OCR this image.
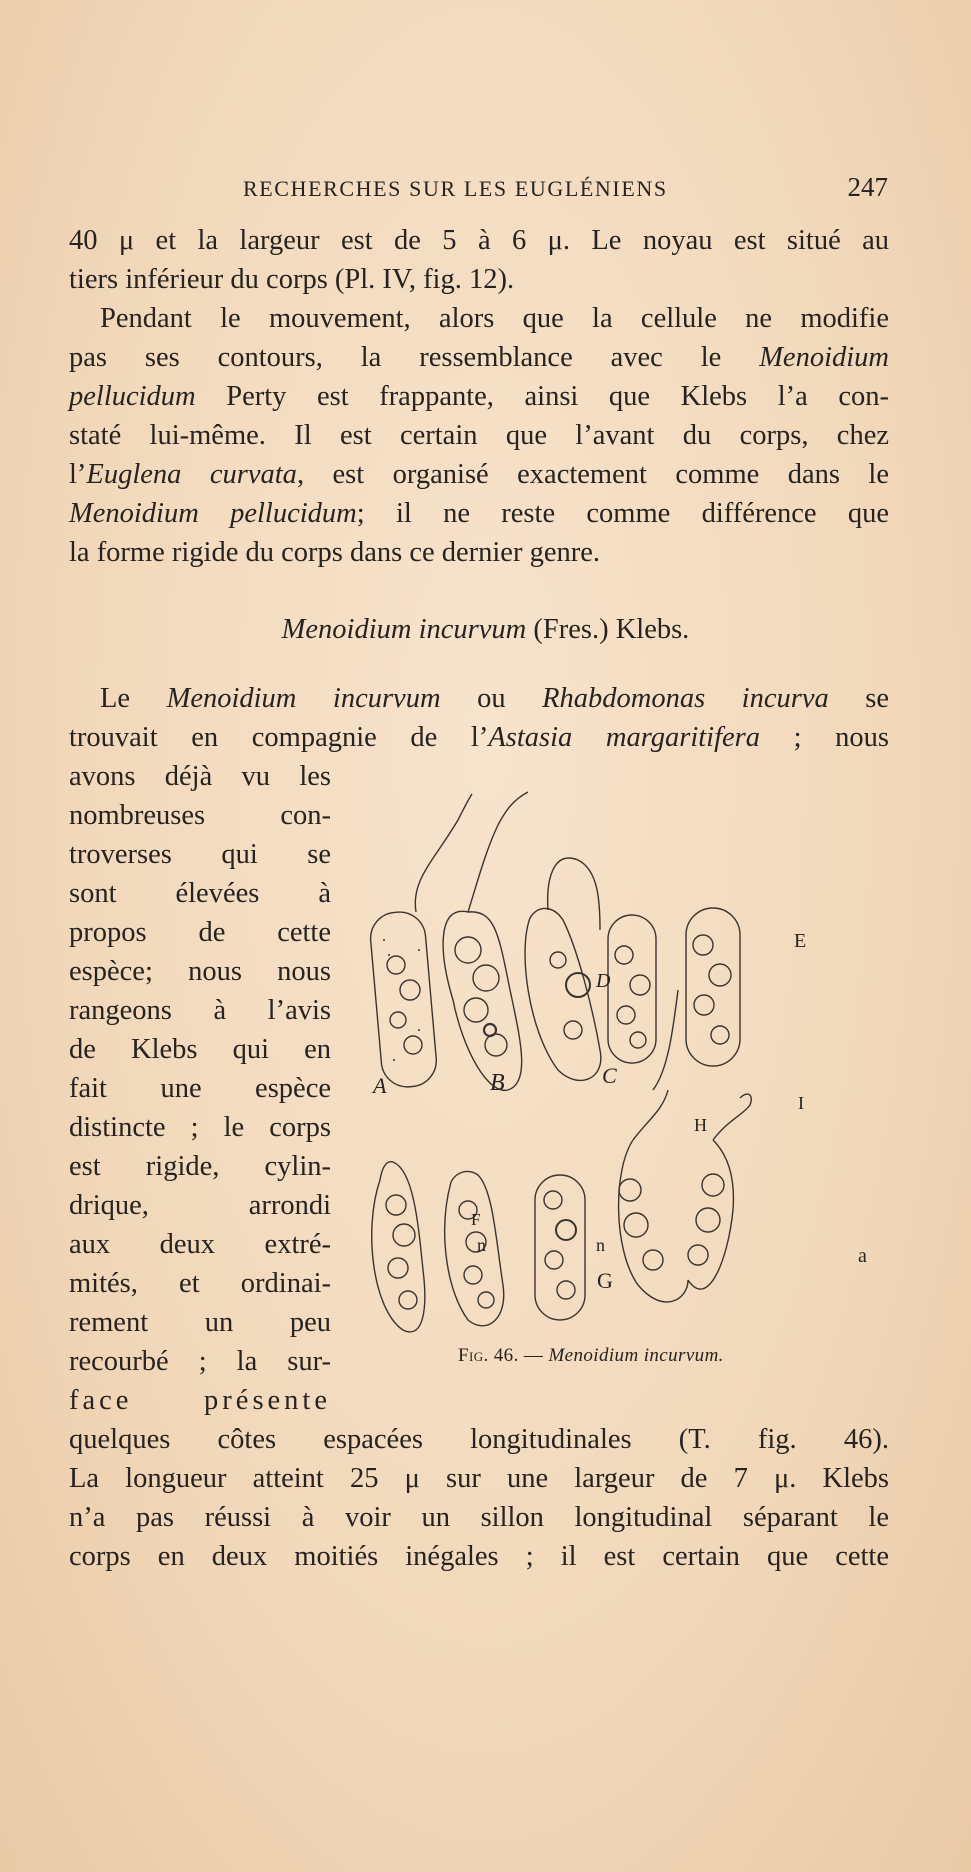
RECHERCHES SUR LES EUGLÉNIENS	247
40 μ et la largeur est de 5 à 6 μ. Le noyau est situé au
tiers inférieur du corps (Pl. IV, fig. 12).
Pendant le mouvement, alors que la cellule ne modifie
pas ses contours, la ressemblance avec le Menoidium
pellucidum Perty est frappante, ainsi que Klebs l’a con-
staté lui-même. Il est certain que l’avant du corps, chez
l’Euglena curvata, est organisé exactement comme dans le
Menoidium pellucidum; il ne reste comme différence que
la forme rigide du corps dans ce dernier genre.
Menoidium incurvum (Fres.) Klebs.
Le Menoidium incurvum ou Rhabdomonas incurva se
trouvait en compagnie de l’Astasia margaritifera ; nous
avons déjà vu les
nombreuses con-
troverses qui se
sont élevées à
propos de cette
espèce; nous nous
rangeons à l’avis
de Klebs qui en
fait une espèce
distincte ; le corps
est rigide, cylin-
drique, arrondi
aux deux extré-
mités, et ordinai-
rement un peu
recourbé ; la sur-
face présente
quelques côtes espacées longitudinales (T. fig. 46).
La longueur atteint 25 μ sur une largeur de 7 μ. Klebs
n’a pas réussi à voir un sillon longitudinal séparant le
corps en deux moitiés inégales ; il est certain que cette
A	B	C
D
E
F
n
G
n
H
I
a
Fig. 46. — Menoidium incurvum.
